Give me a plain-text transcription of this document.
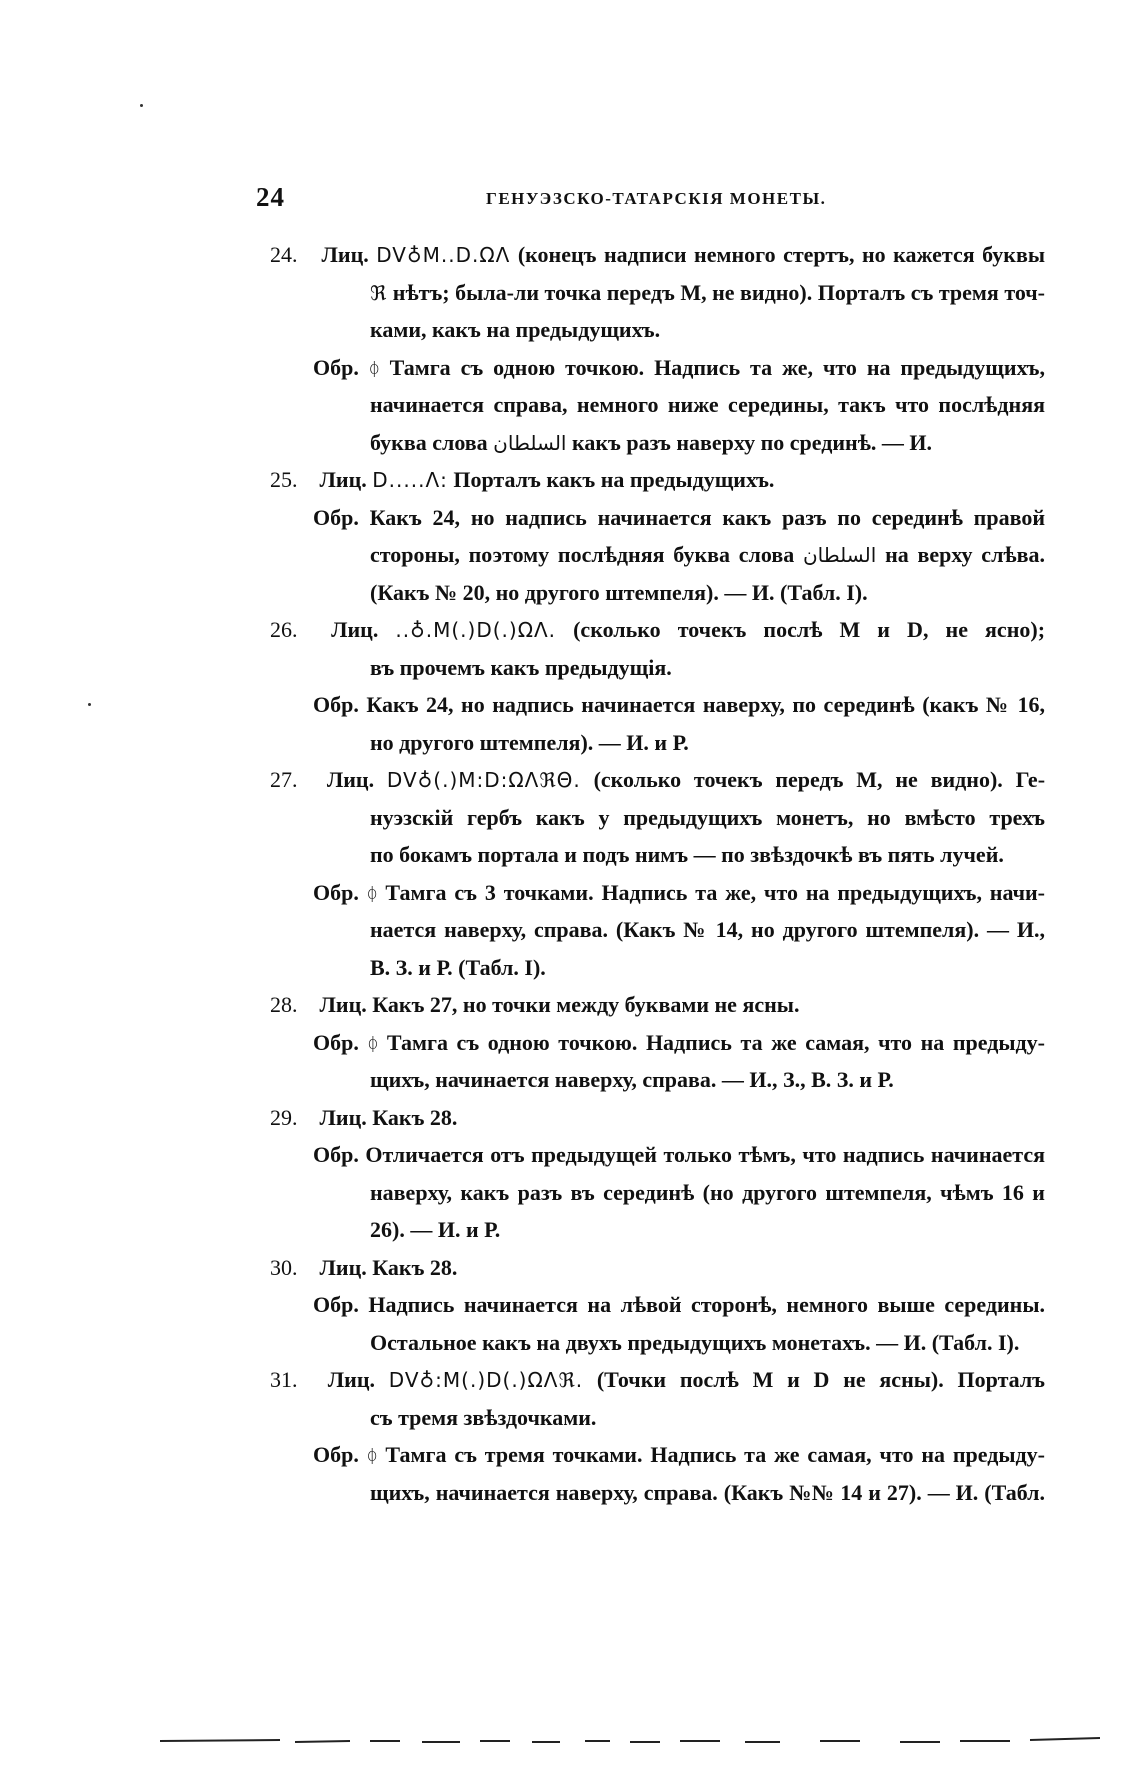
24	ГЕНУЭЗСКО-ТАТАРСКІЯ МОНЕТЫ.
24. Лиц. DV♁M..D.ΩΛ (конецъ надписи немного стертъ, но кажется буквы
ℜ нѣтъ; была-ли точка передъ M, не видно). Порталъ съ тремя точ-
ками, какъ на предыдущихъ.
Обр. ᛰ Тамга съ одною точкою. Надпись та же, что на предыдущихъ,
начинается справа, немного ниже середины, такъ что послѣдняя
буква слова السلطان какъ разъ наверху по срединѣ. — И.
25. Лиц. D.....Λ: Порталъ какъ на предыдущихъ.
Обр. Какъ 24, но надпись начинается какъ разъ по серединѣ правой
стороны, поэтому послѣдняя буква слова السلطان на верху слѣва.
(Какъ № 20, но другого штемпеля). — И. (Табл. I).
26. Лиц. ..♁.M(.)D(.)ΩΛ. (сколько точекъ послѣ M и D, не ясно);
въ прочемъ какъ предыдущія.
Обр. Какъ 24, но надпись начинается наверху, по серединѣ (какъ № 16,
но другого штемпеля). — И. и Р.
27. Лиц. DV♁(.)M:D:ΩΛℜΘ. (сколько точекъ передъ M, не видно). Ге-
нуэзскій гербъ какъ у предыдущихъ монетъ, но вмѣсто трехъ
по бокамъ портала и подъ нимъ — по звѣздочкѣ въ пять лучей.
Обр. ᛰ Тамга съ 3 точками. Надпись та же, что на предыдущихъ, начи-
нается наверху, справа. (Какъ № 14, но другого штемпеля). — И.,
В. З. и Р. (Табл. I).
28. Лиц. Какъ 27, но точки между буквами не ясны.
Обр. ᛰ Тамга съ одною точкою. Надпись та же самая, что на предыду-
щихъ, начинается наверху, справа. — И., З., В. З. и Р.
29. Лиц. Какъ 28.
Обр. Отличается отъ предыдущей только тѣмъ, что надпись начинается
наверху, какъ разъ въ серединѣ (но другого штемпеля, чѣмъ 16 и
26). — И. и Р.
30. Лиц. Какъ 28.
Обр. Надпись начинается на лѣвой сторонѣ, немного выше середины.
Остальное какъ на двухъ предыдущихъ монетахъ. — И. (Табл. I).
31. Лиц. DV♁:M(.)D(.)ΩΛℜ. (Точки послѣ M и D не ясны). Порталъ
съ тремя звѣздочками.
Обр. ᛰ Тамга съ тремя точками. Надпись та же самая, что на предыду-
щихъ, начинается наверху, справа. (Какъ №№ 14 и 27). — И. (Табл.
